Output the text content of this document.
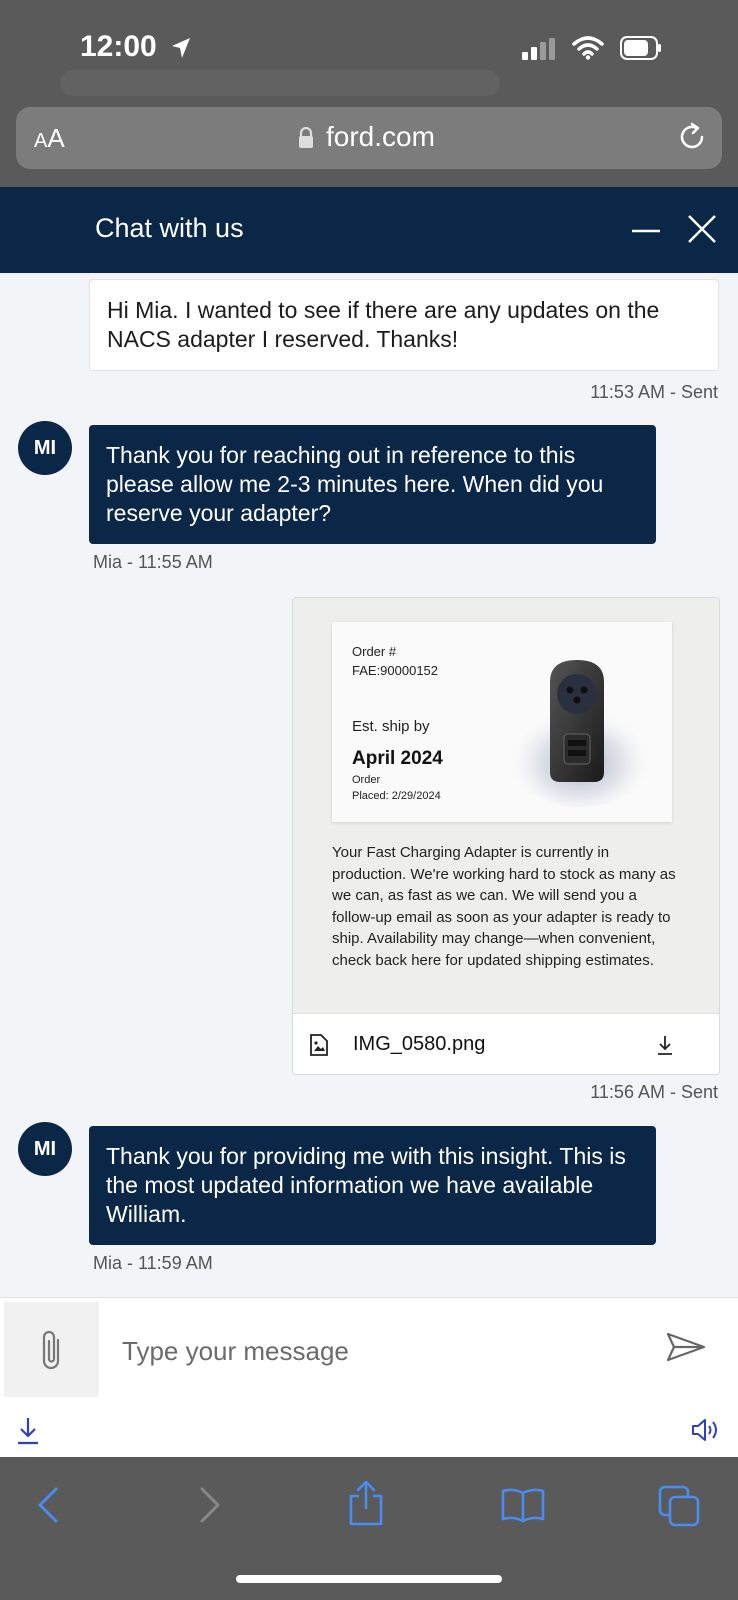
12:00
AA	ford.com
Chat with us
Hi Mia. I wanted to see if there are any updates on the NACS adapter I reserved. Thanks!
11:53 AM - Sent
MI	Thank you for reaching out in reference to this please allow me 2-3 minutes here. When did you reserve your adapter?
Mia - 11:55 AM
Order #
FAE:90000152
Est. ship by
April 2024
Order
Placed: 2/29/2024
Your Fast Charging Adapter is currently in production. We're working hard to stock as many as we can, as fast as we can. We will send you a follow-up email as soon as your adapter is ready to ship. Availability may change—when convenient, check back here for updated shipping estimates.
IMG_0580.png
11:56 AM - Sent
MI	Thank you for providing me with this insight. This is the most updated information we have available William.
Mia - 11:59 AM
Type your message
